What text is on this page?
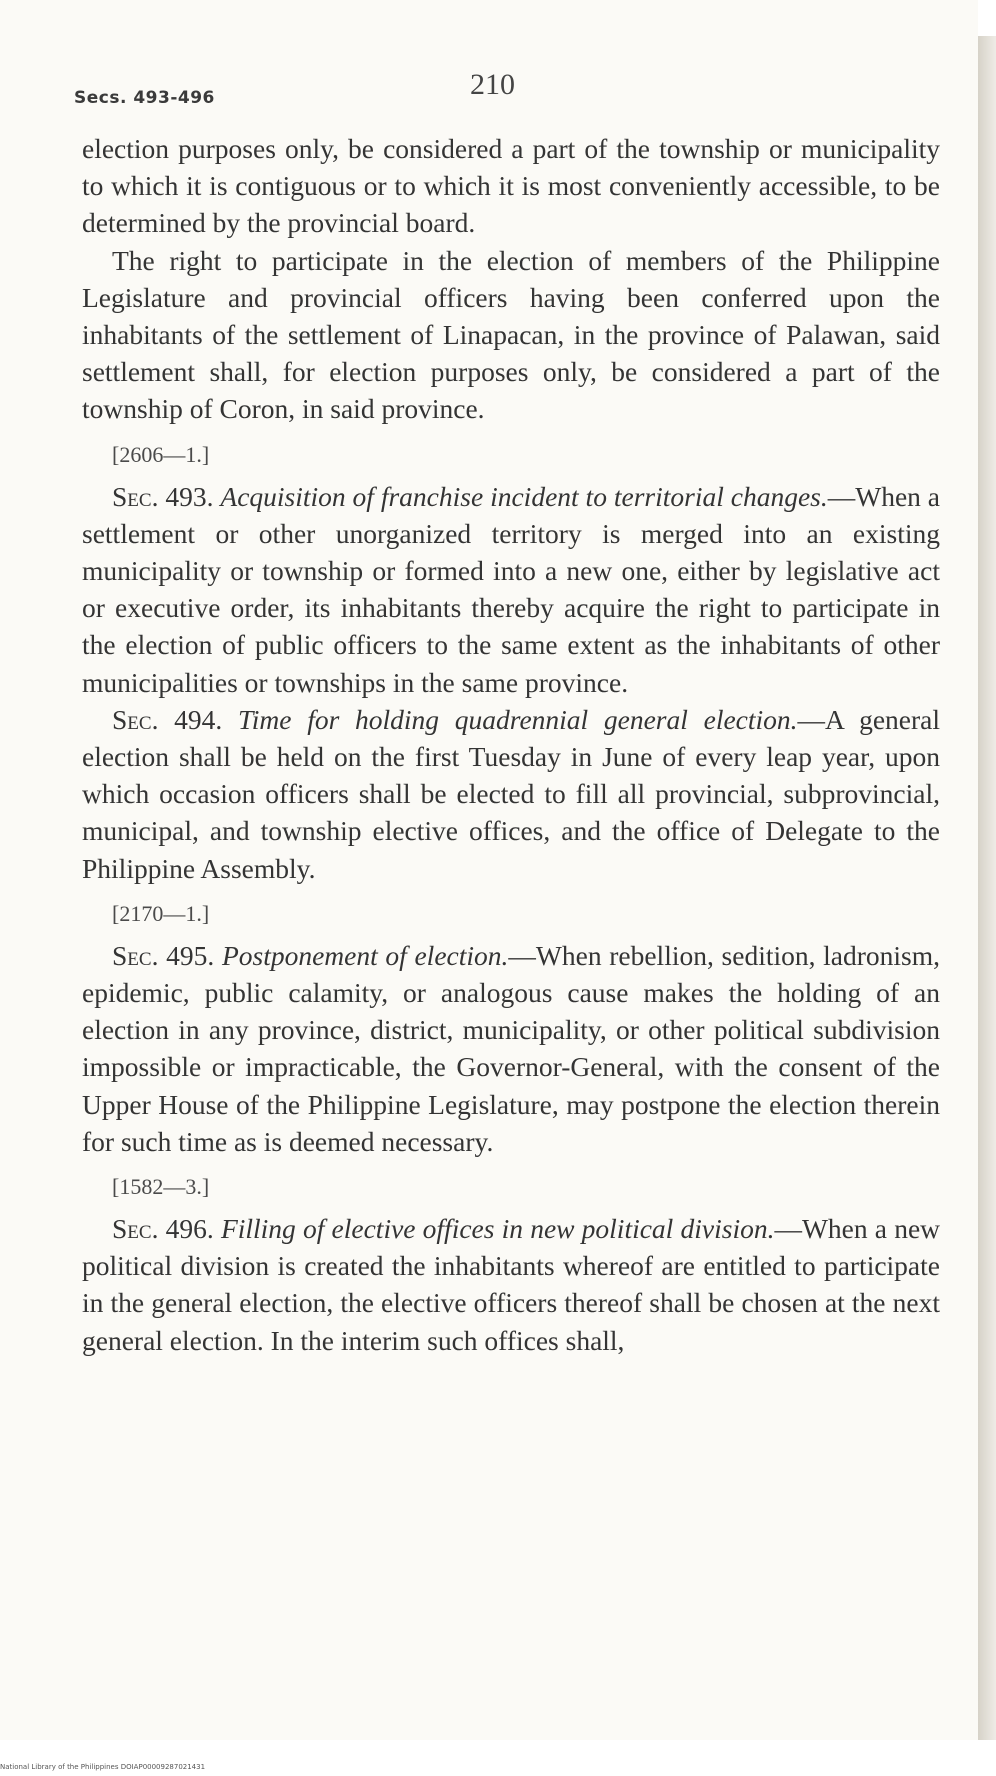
Secs. 493-496	210

election purposes only, be considered a part of the township or municipality to which it is contiguous or to which it is most conveniently accessible, to be determined by the provincial board.

The right to participate in the election of members of the Philippine Legislature and provincial officers having been conferred upon the inhabitants of the settlement of Linapacan, in the province of Palawan, said settlement shall, for election purposes only, be considered a part of the township of Coron, in said province.

[2606—1.]

Sec. 493. Acquisition of franchise incident to territorial changes.—When a settlement or other unorganized territory is merged into an existing municipality or township or formed into a new one, either by legislative act or executive order, its inhabitants thereby acquire the right to participate in the election of public officers to the same extent as the inhabitants of other municipalities or townships in the same province.

Sec. 494. Time for holding quadrennial general election.—A general election shall be held on the first Tuesday in June of every leap year, upon which occasion officers shall be elected to fill all provincial, subprovincial, municipal, and township elective offices, and the office of Delegate to the Philippine Assembly.

[2170—1.]

Sec. 495. Postponement of election.—When rebellion, sedition, ladronism, epidemic, public calamity, or analogous cause makes the holding of an election in any province, district, municipality, or other political subdivision impossible or impracticable, the Governor-General, with the consent of the Upper House of the Philippine Legislature, may postpone the election therein for such time as is deemed necessary.

[1582—3.]

Sec. 496. Filling of elective offices in new political division.—When a new political division is created the inhabitants whereof are entitled to participate in the general election, the elective officers thereof shall be chosen at the next general election. In the interim such offices shall,

National Library of the Philippines DOIAP00009287021431
